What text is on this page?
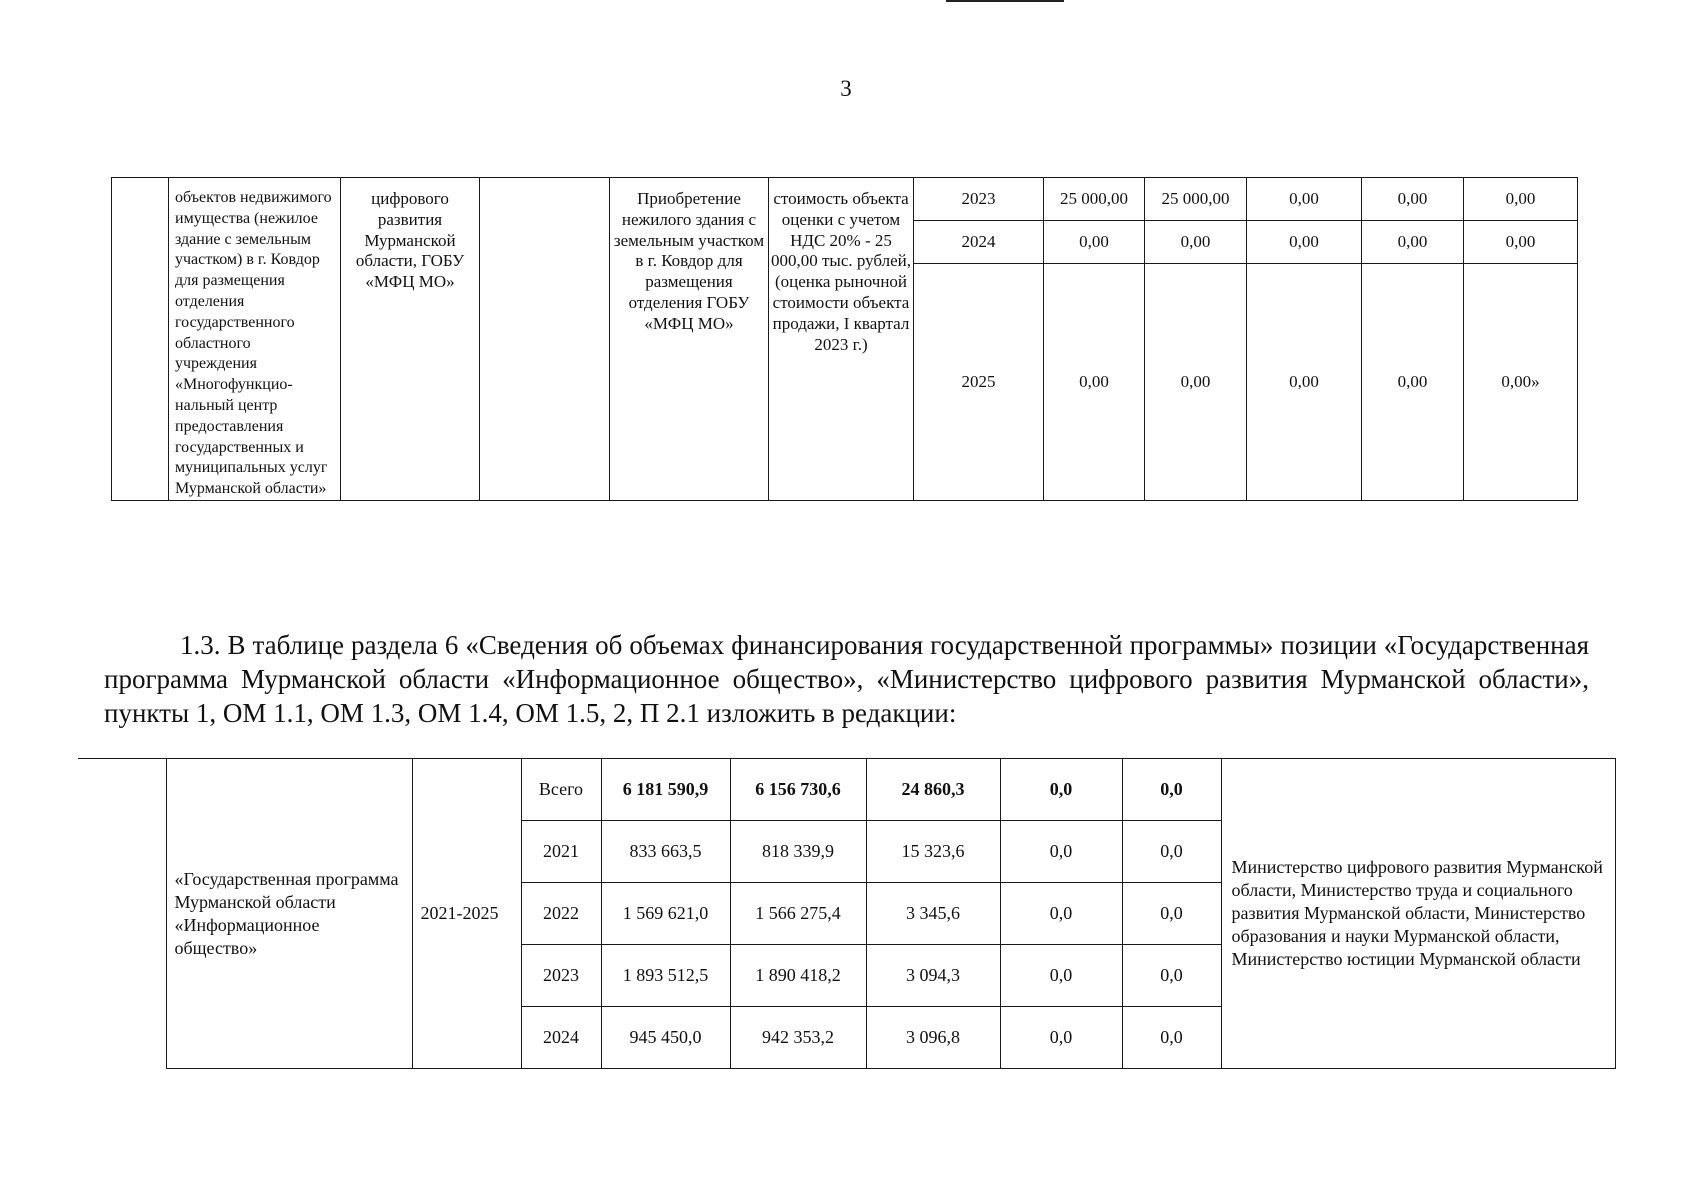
3
	объектов недвижимого имущества (нежилое здание с земельным участком) в г. Ковдор для размещения отделения государственного областного учреждения «Многофункцио-нальный центр предоставления государственных и муниципальных услуг Мурманской области»	цифрового развития Мурманской области, ГОБУ «МФЦ МО»		Приобретение нежилого здания с земельным участком в г. Ковдор для размещения отделения ГОБУ «МФЦ МО»	стоимость объекта оценки с учетом НДС 20% - 25 000,00 тыс. рублей, (оценка рыночной стоимости объекта продажи, I квартал 2023 г.)	2023	25 000,00	25 000,00	0,00	0,00	0,00
						2024	0,00	0,00	0,00	0,00	0,00
						2025	0,00	0,00	0,00	0,00	0,00»

1.3. В таблице раздела 6 «Сведения об объемах финансирования государственной программы» позиции «Государственная программа Мурманской области «Информационное общество», «Министерство цифрового развития Мурманской области», пункты 1, ОМ 1.1, ОМ 1.3, ОМ 1.4, ОМ 1.5, 2, П 2.1 изложить в редакции:

	«Государственная программа Мурманской области «Информационное общество»	2021-2025	Всего	6 181 590,9	6 156 730,6	24 860,3	0,0	0,0	Министерство цифрового развития Мурманской области, Министерство труда и социального развития Мурманской области, Министерство образования и науки Мурманской области, Министерство юстиции Мурманской области
			2021	833 663,5	818 339,9	15 323,6	0,0	0,0	
			2022	1 569 621,0	1 566 275,4	3 345,6	0,0	0,0	
			2023	1 893 512,5	1 890 418,2	3 094,3	0,0	0,0	
			2024	945 450,0	942 353,2	3 096,8	0,0	0,0	
